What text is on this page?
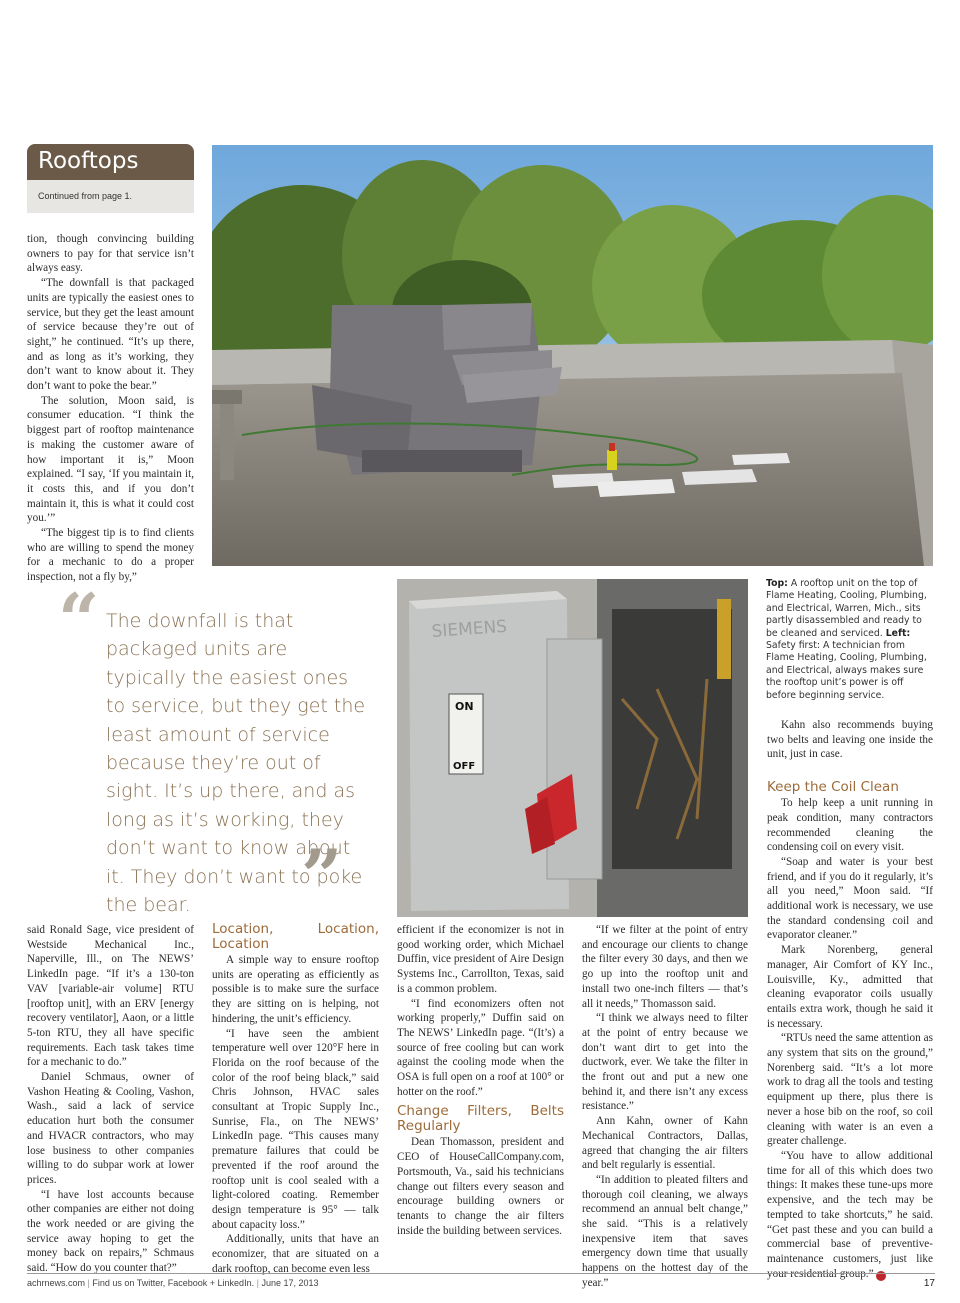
Rooftops
Continued from page 1.

tion, though convincing building owners to pay for that service isn’t always easy.

“The downfall is that packaged units are typically the easiest ones to service, but they get the least amount of service because they’re out of sight,” he continued. “It’s up there, and as long as it’s working, they don’t want to know about it. They don’t want to poke the bear.”

The solution, Moon said, is consumer education. “I think the biggest part of rooftop maintenance is making the customer aware of how important it is,” Moon explained. “I say, ‘If you maintain it, it costs this, and if you don’t maintain it, this is what it could cost you.’”

“The biggest tip is to find clients who are willing to spend the money for a mechanic to do a proper inspection, not a fly by,”

Top: A rooftop unit on the top of Flame Heating, Cooling, Plumbing, and Electrical, Warren, Mich., sits partly disassembled and ready to be cleaned and serviced. Left: Safety first: A technician from Flame Heating, Cooling, Plumbing, and Electrical, always makes sure the rooftop unit’s power is off before beginning service.
SIEMENS
ON
OFF
“ The downfall is that packaged units are typically the easiest ones to service, but they get the least amount of service because they’re out of sight. It’s up there, and as long as it’s working, they don’t want to know about it. They don’t want to poke the bear.	”

said Ronald Sage, vice president of Westside Mechanical Inc., Naperville, Ill., on The NEWS’ LinkedIn page. “If it’s a 130-ton VAV [variable-air volume] RTU [rooftop unit], with an ERV [energy recovery ventilator], Aaon, or a little 5-ton RTU, they all have specific requirements. Each task takes time for a mechanic to do.”

Daniel Schmaus, owner of Vashon Heating & Cooling, Vashon, Wash., said a lack of service education hurt both the consumer and HVACR contractors, who may lose business to other companies willing to do subpar work at lower prices.

“I have lost accounts because other companies are either not doing the work needed or are giving the service away hoping to get the money back on repairs,” Schmaus said. “How do you counter that?”

Location, Location, Location

A simple way to ensure rooftop units are operating as efficiently as possible is to make sure the surface they are sitting on is helping, not hindering, the unit’s efficiency.

“I have seen the ambient temperature well over 120°F here in Florida on the roof because of the color of the roof being black,” said Chris Johnson, HVAC sales consultant at Tropic Supply Inc., Sunrise, Fla., on The NEWS’ LinkedIn page. “This causes many premature failures that could be prevented if the roof around the rooftop unit is cool sealed with a light-colored coating. Remember design temperature is 95° — talk about capacity loss.”

Additionally, units that have an economizer, that are situated on a dark rooftop, can become even less

efficient if the economizer is not in good working order, which Michael Duffin, vice president of Aire Design Systems Inc., Carrollton, Texas, said is a common problem.

“I find economizers often not working properly,” Duffin said on The NEWS’ LinkedIn page. “(It’s) a source of free cooling but can work against the cooling mode when the OSA is full open on a roof at 100° or hotter on the roof.”

Change Filters, Belts Regularly

Dean Thomasson, president and CEO of HouseCallCompany.com, Portsmouth, Va., said his technicians change out filters every season and encourage building owners or tenants to change the air filters inside the building between services.

“If we filter at the point of entry and encourage our clients to change the filter every 30 days, and then we go up into the rooftop unit and install two one-inch filters — that’s all it needs,” Thomasson said.

“I think we always need to filter at the point of entry because we don’t want dirt to get into the ductwork, ever. We take the filter in the front out and put a new one behind it, and there isn’t any excess resistance.”

Ann Kahn, owner of Kahn Mechanical Contractors, Dallas, agreed that changing the air filters and belt regularly is essential.

“In addition to pleated filters and thorough coil cleaning, we always recommend an annual belt change,” she said. “This is a relatively inexpensive item that saves emergency down time that usually happens on the hottest day of the year.”

Kahn also recommends buying two belts and leaving one inside the unit, just in case.

Keep the Coil Clean

To help keep a unit running in peak condition, many contractors recommended cleaning the condensing coil on every visit.

“Soap and water is your best friend, and if you do it regularly, it’s all you need,” Moon said. “If additional work is necessary, we use the standard condensing coil and evaporator cleaner.”

Mark Norenberg, general manager, Air Comfort of KY Inc., Louisville, Ky., admitted that cleaning evaporator coils usually entails extra work, though he said it is necessary.

“RTUs need the same attention as any system that sits on the ground,” Norenberg said. “It’s a lot more work to drag all the tools and testing equipment up there, plus there is never a hose bib on the roof, so coil cleaning with water is an even a greater challenge.

“You have to allow additional time for all of this which does two things: It makes these tune-ups more expensive, and the tech may be tempted to take shortcuts,” he said. “Get past these and you can build a commercial base of preventive-maintenance customers, just like your residential group.” N

achrnews.com | Find us on Twitter, Facebook + LinkedIn. | June 17, 2013	17
